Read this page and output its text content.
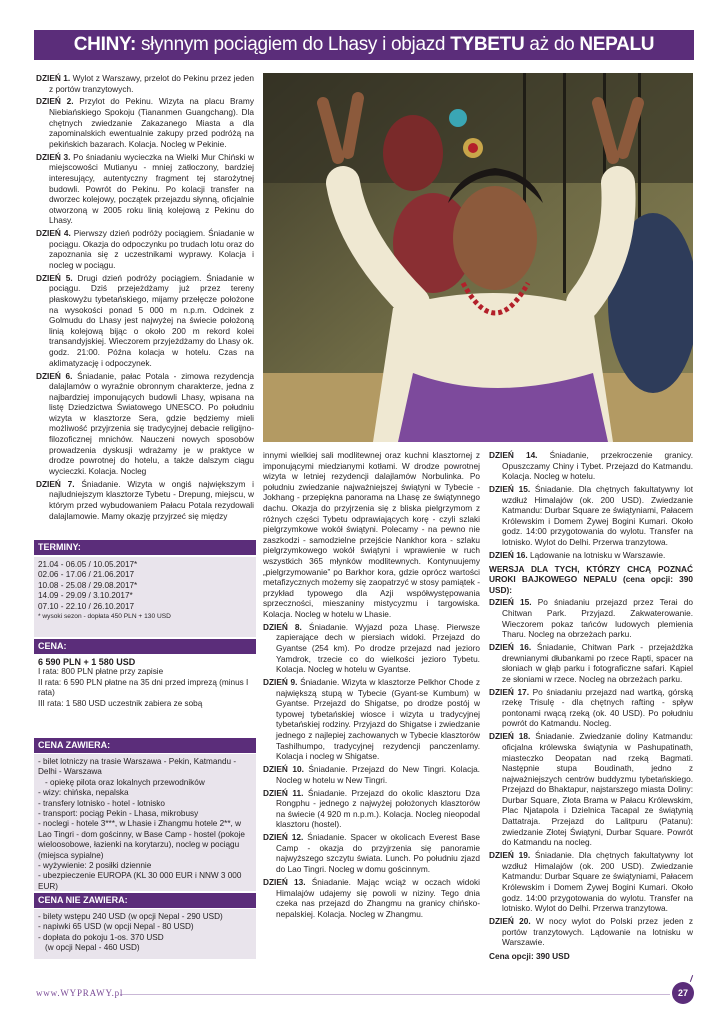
CHINY: słynnym pociągiem do Lhasy i objazd TYBETU aż do NEPALU

DZIEŃ 1. Wylot z Warszawy, przelot do Pekinu przez jeden z portów tranzytowych.

DZIEŃ 2. Przylot do Pekinu. Wizyta na placu Bramy Niebiańskiego Spokoju (Tiananmen Guangchang). Dla chętnych zwiedzanie Zakazanego Miasta a dla zapominalskich ewentualnie zakupy przed podróżą na pekińskich bazarach. Kolacja. Nocleg w Pekinie.

DZIEŃ 3. Po śniadaniu wycieczka na Wielki Mur Chiński w miejscowości Mutianyu - mniej zatłoczony, bardziej interesujący, autentyczny fragment tej starożytnej budowli. Powrót do Pekinu. Po kolacji transfer na dworzec kolejowy, początek przejazdu słynną, oficjalnie otworzoną w 2005 roku linią kolejową z Pekinu do Lhasy.

DZIEŃ 4. Pierwszy dzień podróży pociągiem. Śniadanie w pociągu. Okazja do odpoczynku po trudach lotu oraz do zapoznania się z uczestnikami wyprawy. Kolacja i nocleg w pociągu.

DZIEŃ 5. Drugi dzień podróży pociągiem. Śniadanie w pociągu. Dziś przejeżdżamy już przez tereny płaskowyżu tybetańskiego, mijamy przełęcze położone na wysokości ponad 5 000 m n.p.m. Odcinek z Golmudu do Lhasy jest najwyżej na świecie położoną linią kolejową bijąc o około 200 m rekord kolei transandyjskiej. Wieczorem przyjeżdżamy do Lhasy ok. godz. 21:00. Późna kolacja w hotelu. Czas na aklimatyzację i odpoczynek.

DZIEŃ 6. Śniadanie, pałac Potala - zimowa rezydencja dalajlamów o wyraźnie obronnym charakterze, jedna z najbardziej imponujących budowli Lhasy, wpisana na listę Dziedzictwa Światowego UNESCO. Po południu wizyta w klasztorze Sera, gdzie będziemy mieli możliwość przyjrzenia się tradycyjnej debacie religijno-filozoficznej mnichów. Nauczeni nowych sposobów prowadzenia dyskusji wdrażamy je w praktyce w drodze powrotnej do hotelu, a także dalszym ciągu wycieczki. Kolacja. Nocleg

DZIEŃ 7. Śniadanie. Wizyta w ongiś największym i najludniejszym klasztorze Tybetu - Drepung, miejscu, w którym przed wybudowaniem Pałacu Potala rezydowali dalajlamowie. Mamy okazję przyjrzeć się między

TERMINY:
21.04 - 06.05 / 10.05.2017*
02.06 - 17.06 / 21.06.2017
10.08 - 25.08 / 29.08.2017*
14.09 - 29.09 / 3.10.2017*
07.10 - 22.10 / 26.10.2017
* wysoki sezon - dopłata 450 PLN + 130 USD
CENA:
6 590 PLN + 1 580 USD
I rata: 800 PLN płatne przy zapisie
II rata: 6 590 PLN płatne na 35 dni przed imprezą (minus I rata)
III rata: 1 580 USD uczestnik zabiera ze sobą
CENA ZAWIERA:
- bilet lotniczy na trasie Warszawa - Pekin, Katmandu - Delhi - Warszawa
- opiekę pilota oraz lokalnych przewodników
- wizy: chińska, nepalska
- transfery lotnisko - hotel - lotnisko
- transport: pociąg Pekin - Lhasa, mikrobusy
- noclegi - hotele 3***, w Lhasie i Zhangmu hotele 2**, w Lao Tingri - dom gościnny, w Base Camp - hostel (pokoje wieloosobowe, łazienki na korytarzu), nocleg w pociągu (miejsca sypialne)
- wyżywienie: 2 posiłki dziennie
- ubezpieczenie EUROPA (KL 30 000 EUR i NNW 3 000 EUR)
CENA NIE ZAWIERA:
- bilety wstępu 240 USD (w opcji Nepal - 290 USD)
- napiwki 65 USD (w opcji Nepal - 80 USD)
- dopłata do pokoju 1-os. 370 USD
(w opcji Nepal - 460 USD)
innymi wielkiej sali modlitewnej oraz kuchni klasztornej z imponującymi miedzianymi kotłami. W drodze powrotnej wizyta w letniej rezydencji dalajlamów Norbulinka. Po południu zwiedzanie najważniejszej świątyni w Tybecie - Jokhang - przepiękna panorama na Lhasę ze świątynnego dachu. Okazja do przyjrzenia się z bliska pielgrzymom z różnych części Tybetu odprawiających korę - czyli szlaki pielgrzymkowe wokół świątyni. Polecamy - na pewno nie zaszkodzi - samodzielne przejście Nankhor kora - szlaku pielgrzymkowego wokół świątyni i wprawienie w ruch wszystkich 365 młynków modlitewnych. Kontynuujemy „pielgrzymowanie” po Barkhor kora, gdzie oprócz wartości metafizycznych możemy się zaopatrzyć w stosy pamiątek - przykład typowego dla Azji współwystępowania sprzeczności, mieszaniny mistycyzmu i targowiska. Kolacja. Nocleg w hotelu w Lhasie.

DZIEŃ 8. Śniadanie. Wyjazd poza Lhasę. Pierwsze zapierające dech w piersiach widoki. Przejazd do Gyantse (254 km). Po drodze przejazd nad jezioro Yamdrok, trzecie co do wielkości jezioro Tybetu. Kolacja. Nocleg w hotelu w Gyantse.

DZIEŃ 9. Śniadanie. Wizyta w klasztorze Pelkhor Chode z największą stupą w Tybecie (Gyant-se Kumbum) w Gyantse. Przejazd do Shigatse, po drodze postój w typowej tybetańskiej wiosce i wizyta u tradycyjnej tybetańskiej rodziny. Przyjazd do Shigatse i zwiedzanie jednego z najlepiej zachowanych w Tybecie klasztorów Tashilhumpo, tradycyjnej rezydencji panczenlamy. Kolacja i nocleg w Shigatse.

DZIEŃ 10. Śniadanie. Przejazd do New Tingri. Kolacja. Nocleg w hotelu w New Tingri.

DZIEŃ 11. Śniadanie. Przejazd do okolic klasztoru Dza Rongphu - jednego z najwyżej położonych klasztorów na świecie (4 920 m n.p.m.). Kolacja. Nocleg nieopodal klasztoru (hostel).

DZIEŃ 12. Śniadanie. Spacer w okolicach Everest Base Camp - okazja do przyjrzenia się panoramie najwyższego szczytu świata. Lunch. Po południu zjazd do Lao Tingri. Nocleg w domu gościnnym.

DZIEŃ 13. Śniadanie. Mając wciąż w oczach widoki Himalajów udajemy się powoli w niziny. Tego dnia czeka nas przejazd do Zhangmu na granicy chińsko-nepalskiej. Kolacja. Nocleg w Zhangmu.

DZIEŃ 14. Śniadanie, przekroczenie granicy. Opuszczamy Chiny i Tybet. Przejazd do Katmandu. Kolacja. Nocleg w hotelu.

DZIEŃ 15. Śniadanie. Dla chętnych fakultatywny lot wzdłuż Himalajów (ok. 200 USD). Zwiedzanie Katmandu: Durbar Square ze świątyniami, Pałacem Królewskim i Domem Żywej Bogini Kumari. Około godz. 14:00 przygotowania do wylotu. Transfer na lotnisko. Wylot do Delhi. Przerwa tranzytowa.

DZIEŃ 16. Lądowanie na lotnisku w Warszawie.

WERSJA DLA TYCH, KTÓRZY CHCĄ POZNAĆ UROKI BAJKOWEGO NEPALU (cena opcji: 390 USD):

DZIEŃ 15. Po śniadaniu przejazd przez Terai do Chitwan Park. Przyjazd. Zakwaterowanie. Wieczorem pokaz tańców ludowych plemienia Tharu. Nocleg na obrzeżach parku.

DZIEŃ 16. Śniadanie, Chitwan Park - przejażdżka drewnianymi dłubankami po rzece Rapti, spacer na słoniach w głąb parku i fotograficzne safari. Kąpiel ze słoniami w rzece. Nocleg na obrzeżach parku.

DZIEŃ 17. Po śniadaniu przejazd nad wartką, górską rzekę Trisulę - dla chętnych rafting - spływ pontonami rwącą rzeką (ok. 40 USD). Po południu powrót do Katmandu. Nocleg.

DZIEŃ 18. Śniadanie. Zwiedzanie doliny Katmandu: oficjalna królewska świątynia w Pashupatinath, miasteczko Deopatan nad rzeką Bagmati. Następnie stupa Boudinath, jedno z najważniejszych centrów buddyzmu tybetańskiego. Przejazd do Bhaktapur, najstarszego miasta Doliny: Durbar Square, Złota Brama w Pałacu Królewskim, Plac Njatapola i Dzielnica Tacapal ze świątynią Dattatraja. Przejazd do Lalitpuru (Patanu): zwiedzanie Złotej Świątyni, Durbar Square. Powrót do Katmandu na nocleg.

DZIEŃ 19. Śniadanie. Dla chętnych fakultatywny lot wzdłuż Himalajów (ok. 200 USD). Zwiedzanie Katmandu: Durbar Square ze świątyniami, Pałacem Królewskim i Domem Żywej Bogini Kumari. Około godz. 14:00 przygotowania do wylotu. Transfer na lotnisko. Wylot do Delhi. Przerwa tranzytowa.

DZIEŃ 20. W nocy wylot do Polski przez jeden z portów tranzytowych. Lądowanie na lotnisku w Warszawie.

Cena opcji: 390 USD

www.WYPRAWY.pl	27
